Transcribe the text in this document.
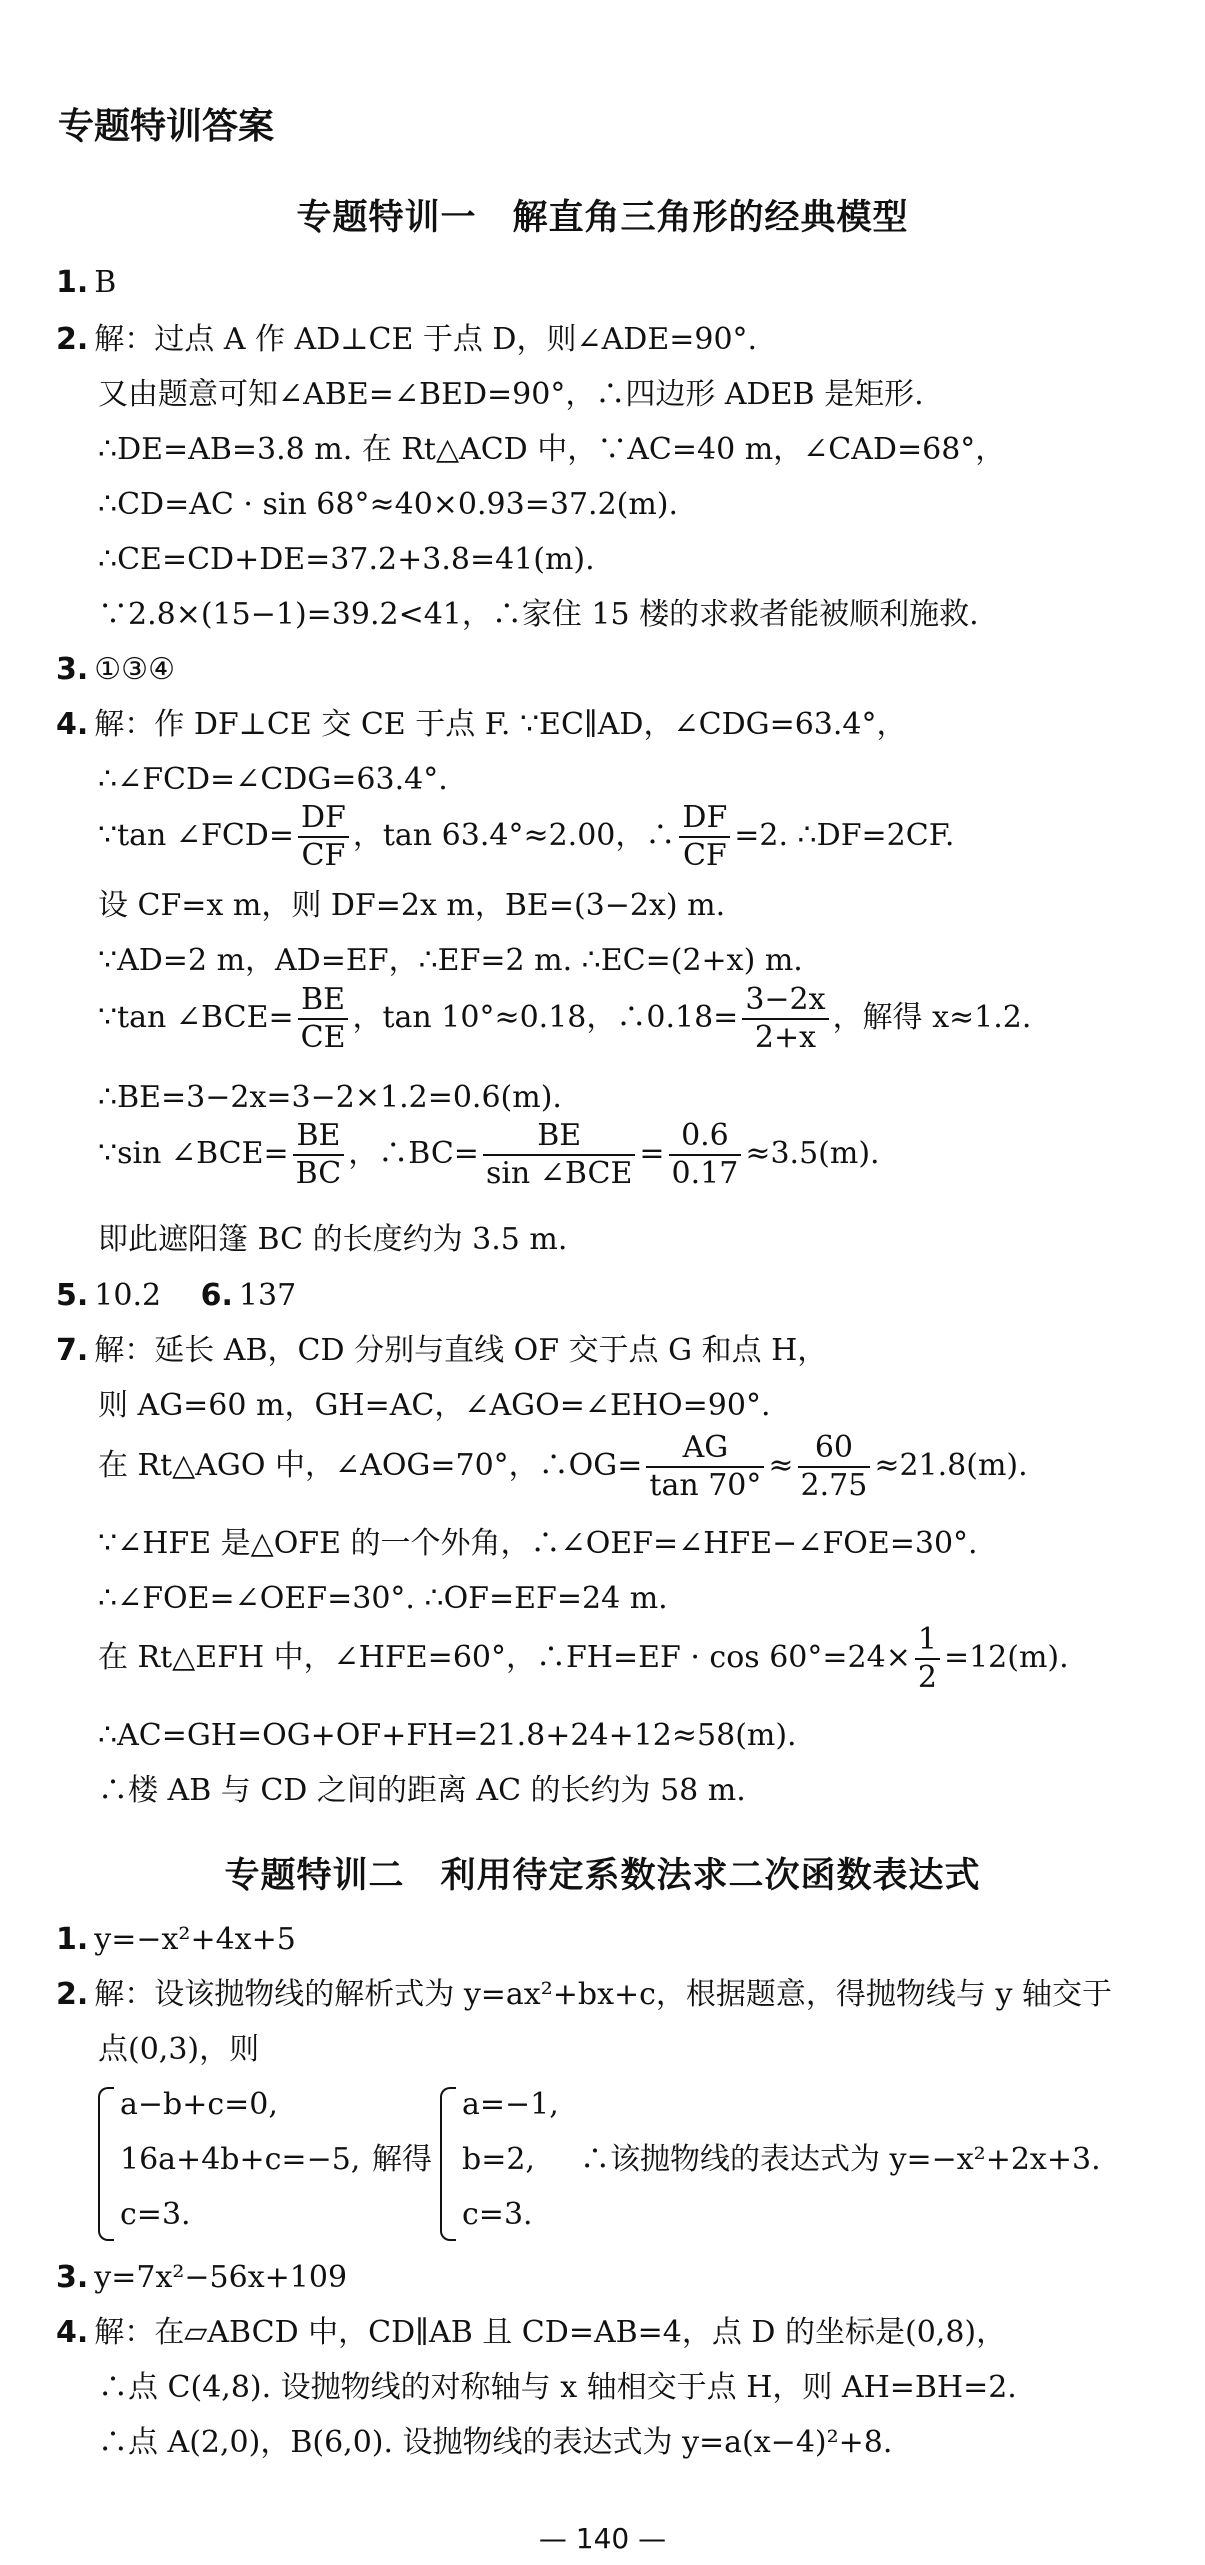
专题特训答案
专题特训一　解直角三角形的经典模型
1. B
2. 解：过点 A 作 AD⊥CE 于点 D，则∠ADE=90°.
又由题意可知∠ABE=∠BED=90°，∴四边形 ADEB 是矩形.
∴DE=AB=3.8 m. 在 Rt△ACD 中，∵AC=40 m，∠CAD=68°，
∴CD=AC · sin 68°≈40×0.93=37.2(m).
∴CE=CD+DE=37.2+3.8=41(m).
∵2.8×(15−1)=39.2<41，∴家住 15 楼的求救者能被顺利施救.
3. ①③④
4. 解：作 DF⊥CE 交 CE 于点 F. ∵EC∥AD，∠CDG=63.4°，
∴∠FCD=∠CDG=63.4°.
∵tan ∠FCD= $\frac{DF}{CF}$ ，tan 63.4°≈2.00，∴ $\frac{DF}{CF} =2$. ∴DF=2CF.
设 CF=x m，则 DF=2x m，BE=(3−2x) m.
∵AD=2 m，AD=EF，∴EF=2 m. ∴EC=(2+x) m.
∵tan ∠BCE= $\frac{BE}{CE}$ ，tan 10°≈0.18，∴0.18= $\frac{3-2x}{2+x}$ ，解得 x≈1.2.
∴BE=3−2x=3−2×1.2=0.6(m).
∵sin ∠BCE= $\frac{BE}{BC}$ ，∴BC= $\frac{BE}{\text{sin ∠BCE}} = \frac{0.6}{0.17} \approx 3.5(m)$.
即此遮阳篷 BC 的长度约为 3.5 m.
5. 10.2 6. 137
7. 解：延长 AB，CD 分别与直线 OF 交于点 G 和点 H，
则 AG=60 m，GH=AC，∠AGO=∠EHO=90°.
在 Rt△AGO 中，∠AOG=70°，∴OG= $\frac{AG}{\tan 70^\circ} \approx \frac{60}{2.75} \approx 21.8(m)$.
∵∠HFE 是△OFE 的一个外角，∴∠OEF=∠HFE−∠FOE=30°.
∴∠FOE=∠OEF=30°. ∴OF=EF=24 m.
在 Rt△EFH 中，∠HFE=60°，∴FH=EF · $\cos 60^\circ=24\times \frac{1}{2} =12(m)$.
∴AC=GH=OG+OF+FH=21.8+24+12≈58(m).
∴楼 AB 与 CD 之间的距离 AC 的长约为 58 m.
专题特训二　利用待定系数法求二次函数表达式
1. y=−x²+4x+5
2. 解：设该抛物线的解析式为 y=ax²+bx+c，根据题意，得抛物线与 y 轴交于
点(0,3)，则
a−b+c=0,
16a+4b+c=−5,
c=3.
解得
a=−1,
b=2,
c=3.
∴该抛物线的表达式为 y=−x²+2x+3.
3. y=7x²−56x+109
4. 解：在▱ABCD 中，CD∥AB 且 CD=AB=4，点 D 的坐标是(0,8)，
∴点 C(4,8). 设抛物线的对称轴与 x 轴相交于点 H，则 AH=BH=2.
∴点 A(2,0)，B(6,0). 设抛物线的表达式为 y=a(x−4)²+8.
— 140 —
